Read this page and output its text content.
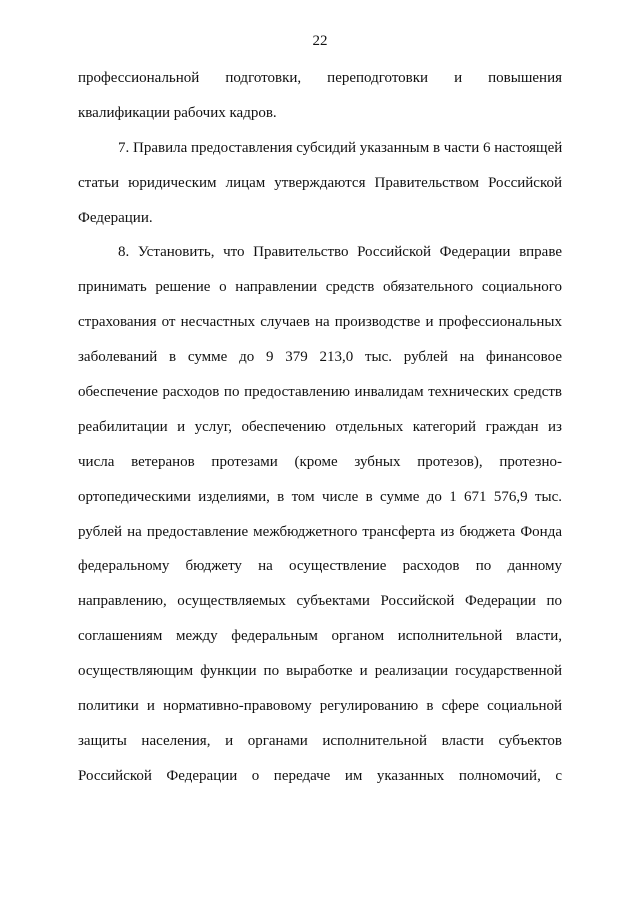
22
профессиональной подготовки, переподготовки и повышения
квалификации рабочих кадров.
7. Правила предоставления субсидий указанным в части 6 настоящей
статьи юридическим лицам утверждаются Правительством Российской
Федерации.
8. Установить, что Правительство Российской Федерации вправе
принимать решение о направлении средств обязательного социального
страхования от несчастных случаев на производстве и профессиональных
заболеваний в сумме до 9 379 213,0 тыс. рублей на финансовое
обеспечение расходов по предоставлению инвалидам технических средств
реабилитации и услуг, обеспечению отдельных категорий граждан из
числа ветеранов протезами (кроме зубных протезов), протезно-
ортопедическими изделиями, в том числе в сумме до 1 671 576,9 тыс.
рублей на предоставление межбюджетного трансферта из бюджета Фонда
федеральному бюджету на осуществление расходов по данному
направлению, осуществляемых субъектами Российской Федерации по
соглашениям между федеральным органом исполнительной власти,
осуществляющим функции по выработке и реализации государственной
политики и нормативно-правовому регулированию в сфере социальной
защиты населения, и органами исполнительной власти субъектов
Российской Федерации о передаче им указанных полномочий, с
